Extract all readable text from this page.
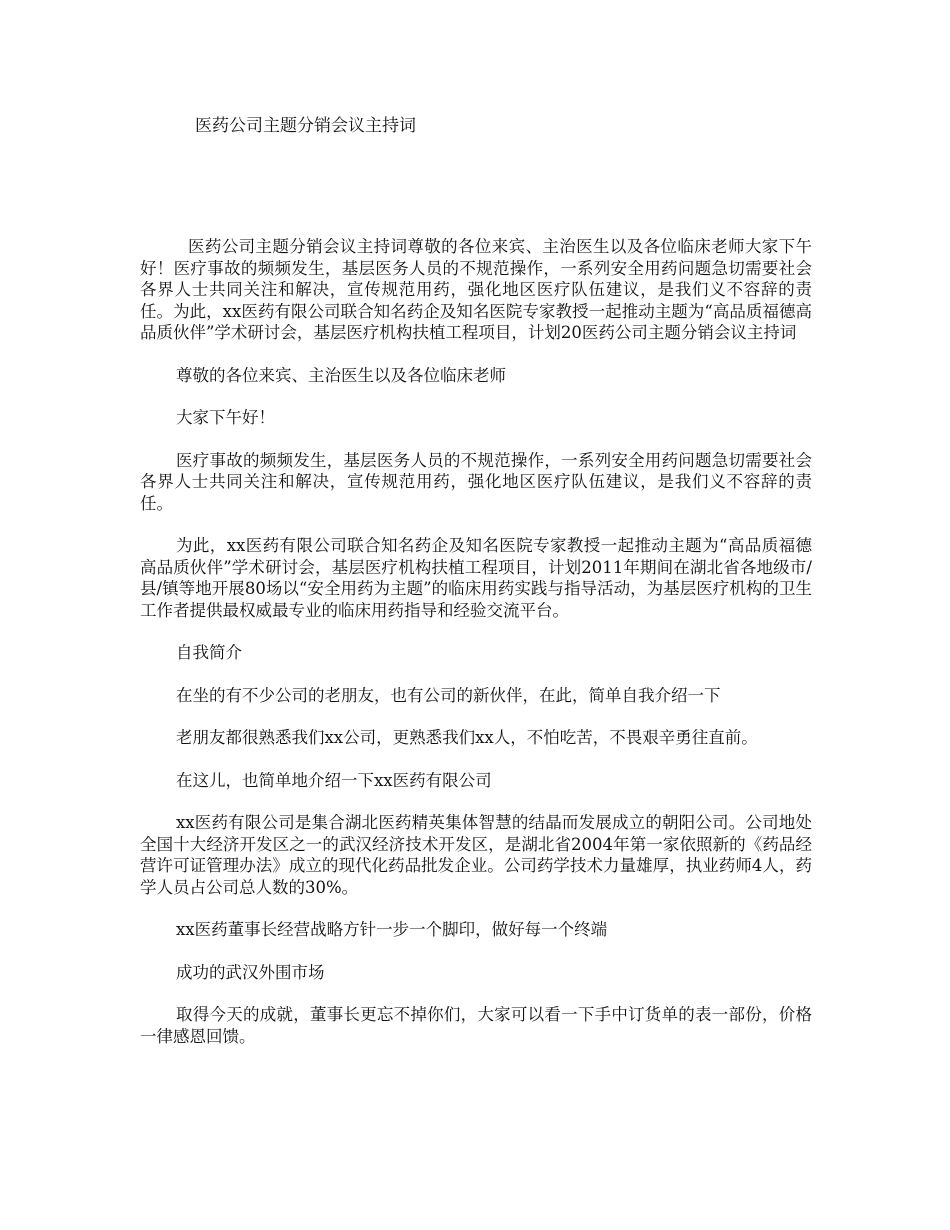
医药公司主题分销会议主持词

医药公司主题分销会议主持词尊敬的各位来宾、主治医生以及各位临床老师大家下午好！医疗事故的频频发生，基层医务人员的不规范操作，一系列安全用药问题急切需要社会各界人士共同关注和解决，宣传规范用药，强化地区医疗队伍建议，是我们义不容辞的责任。为此，xx医药有限公司联合知名药企及知名医院专家教授一起推动主题为“高品质福德高品质伙伴”学术研讨会，基层医疗机构扶植工程项目，计划20医药公司主题分销会议主持词

尊敬的各位来宾、主治医生以及各位临床老师

大家下午好！

医疗事故的频频发生，基层医务人员的不规范操作，一系列安全用药问题急切需要社会各界人士共同关注和解决，宣传规范用药，强化地区医疗队伍建议，是我们义不容辞的责任。

为此，xx医药有限公司联合知名药企及知名医院专家教授一起推动主题为“高品质福德高品质伙伴”学术研讨会，基层医疗机构扶植工程项目，计划2011年期间在湖北省各地级市/县/镇等地开展80场以“安全用药为主题”的临床用药实践与指导活动，为基层医疗机构的卫生工作者提供最权威最专业的临床用药指导和经验交流平台。

自我简介

在坐的有不少公司的老朋友，也有公司的新伙伴，在此，简单自我介绍一下

老朋友都很熟悉我们xx公司，更熟悉我们xx人，不怕吃苦，不畏艰辛勇往直前。

在这儿，也简单地介绍一下xx医药有限公司

xx医药有限公司是集合湖北医药精英集体智慧的结晶而发展成立的朝阳公司。公司地处全国十大经济开发区之一的武汉经济技术开发区，是湖北省2004年第一家依照新的《药品经营许可证管理办法》成立的现代化药品批发企业。公司药学技术力量雄厚，执业药师4人，药学人员占公司总人数的30%。

xx医药董事长经营战略方针一步一个脚印，做好每一个终端

成功的武汉外围市场

取得今天的成就，董事长更忘不掉你们，大家可以看一下手中订货单的表一部份，价格一律感恩回馈。
